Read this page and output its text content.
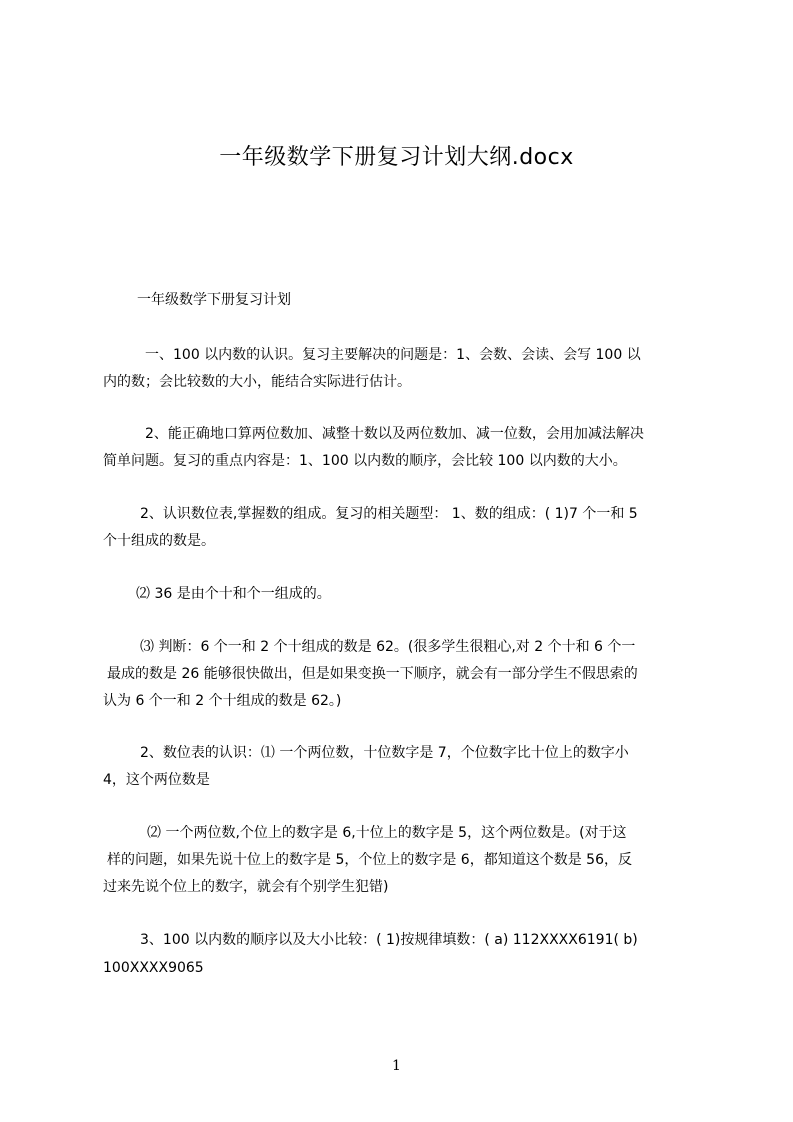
一年级数学下册复习计划大纲.docx
一年级数学下册复习计划
一、100 以内数的认识。复习主要解决的问题是：1、会数、会读、会写 100 以
内的数；会比较数的大小，能结合实际进行估计。
2、能正确地口算两位数加、减整十数以及两位数加、减一位数，会用加减法解决
简单问题。复习的重点内容是：1、100 以内数的顺序，会比较 100 以内数的大小。
2、认识数位表,掌握数的组成。复习的相关题型： 1、数的组成：( 1)7 个一和 5
个十组成的数是。
⑵ 36 是由个十和个一组成的。
⑶ 判断：6 个一和 2 个十组成的数是 62。(很多学生很粗心,对 2 个十和 6 个一
最成的数是 26 能够很快做出，但是如果变换一下顺序，就会有一部分学生不假思索的
认为 6 个一和 2 个十组成的数是 62。)
2、数位表的认识：⑴ 一个两位数，十位数字是 7，个位数字比十位上的数字小
4，这个两位数是
⑵ 一个两位数,个位上的数字是 6,十位上的数字是 5，这个两位数是。(对于这
样的问题，如果先说十位上的数字是 5，个位上的数字是 6，都知道这个数是 56，反
过来先说个位上的数字，就会有个别学生犯错)
3、100 以内数的顺序以及大小比较：( 1)按规律填数：( a) 112XXXX6191( b)
100XXXX9065
1
